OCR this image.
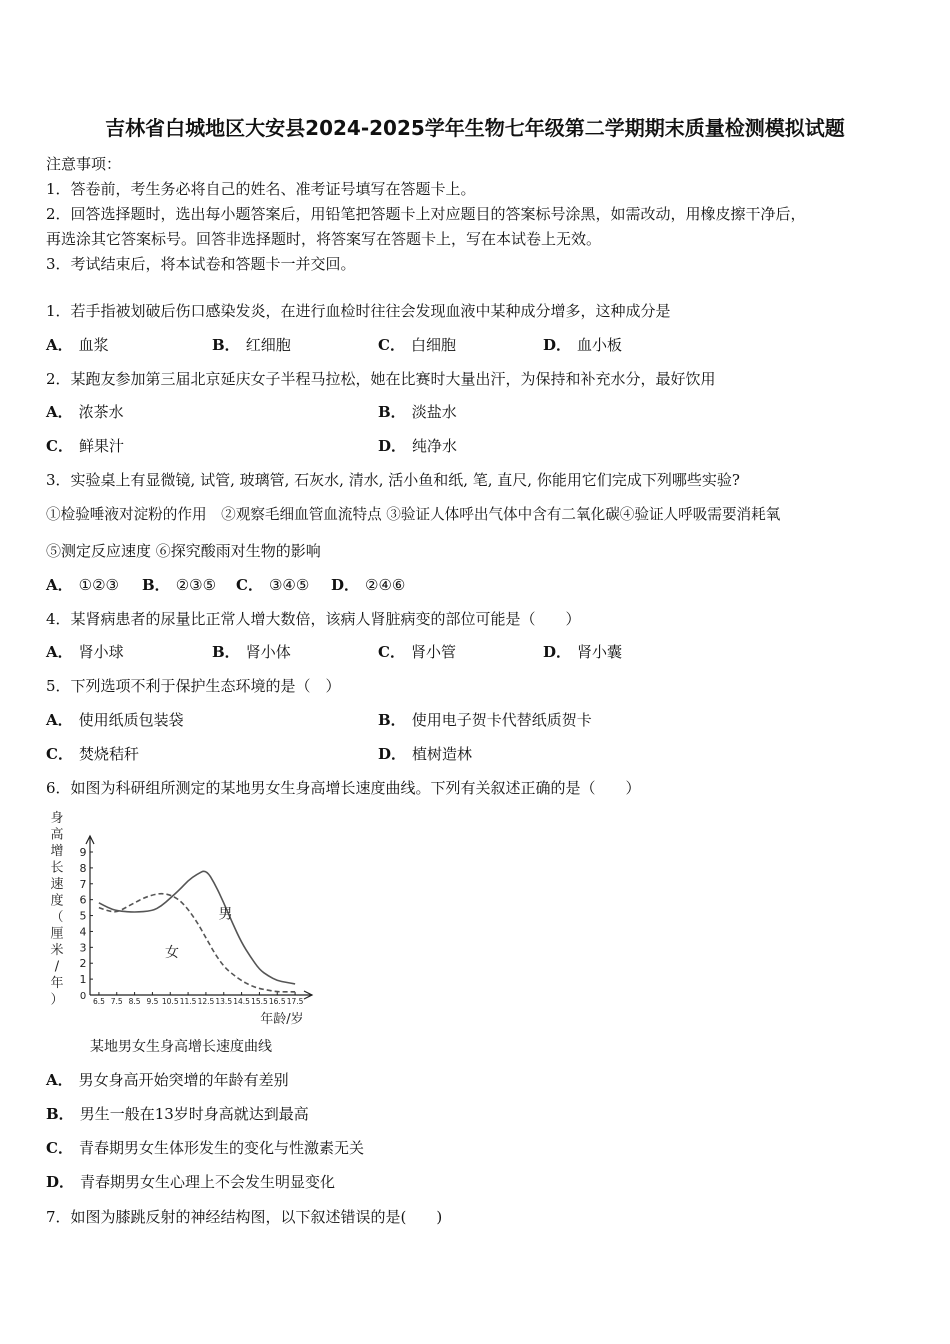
吉林省白城地区大安县2024-2025学年生物七年级第二学期期末质量检测模拟试题
注意事项：
1．答卷前，考生务必将自己的姓名、准考证号填写在答题卡上。
2．回答选择题时，选出每小题答案后，用铅笔把答题卡上对应题目的答案标号涂黑，如需改动，用橡皮擦干净后，
再选涂其它答案标号。回答非选择题时，将答案写在答题卡上，写在本试卷上无效。
3．考试结束后，将本试卷和答题卡一并交回。
1．若手指被划破后伤口感染发炎，在进行血检时往往会发现血液中某种成分增多，这种成分是
A． 血浆	B． 红细胞	C． 白细胞	D． 血小板
2．某跑友参加第三届北京延庆女子半程马拉松，她在比赛时大量出汗，为保持和补充水分，最好饮用
A． 浓茶水	B． 淡盐水
C． 鲜果汁	D． 纯净水
3．实验桌上有显微镜, 试管, 玻璃管, 石灰水, 清水, 活小鱼和纸, 笔, 直尺, 你能用它们完成下列哪些实验?
①检验唾液对淀粉的作用　②观察毛细血管血流特点 ③验证人体呼出气体中含有二氧化碳④验证人呼吸需要消耗氧
⑤测定反应速度 ⑥探究酸雨对生物的影响
A． ①②③ B． ②③⑤ C． ③④⑤ D． ②④⑥
4．某肾病患者的尿量比正常人增大数倍，该病人肾脏病变的部位可能是（　　）
A． 肾小球	B． 肾小体	C． 肾小管	D． 肾小囊
5．下列选项不利于保护生态环境的是（　）
A． 使用纸质包装袋	B． 使用电子贺卡代替纸质贺卡
C． 焚烧秸秆	D． 植树造林
6．如图为科研组所测定的某地男女生身高增长速度曲线。下列有关叙述正确的是（　　）
1
2
3
4
5
6
7
8
9
0 6.5 7.5 8.5 9.5 10.5 11.5 12.5 13.5 14.5 15.5 16.5 17.5
身
高
增
长
速
度
（
厘
米
/
年
）
年龄/岁
男
女
某地男女生身高增长速度曲线
A． 男女身高开始突增的年龄有差别
B． 男生一般在13岁时身高就达到最高
C． 青春期男女生体形发生的变化与性激素无关
D． 青春期男女生心理上不会发生明显变化
7．如图为膝跳反射的神经结构图，以下叙述错误的是(　　)
